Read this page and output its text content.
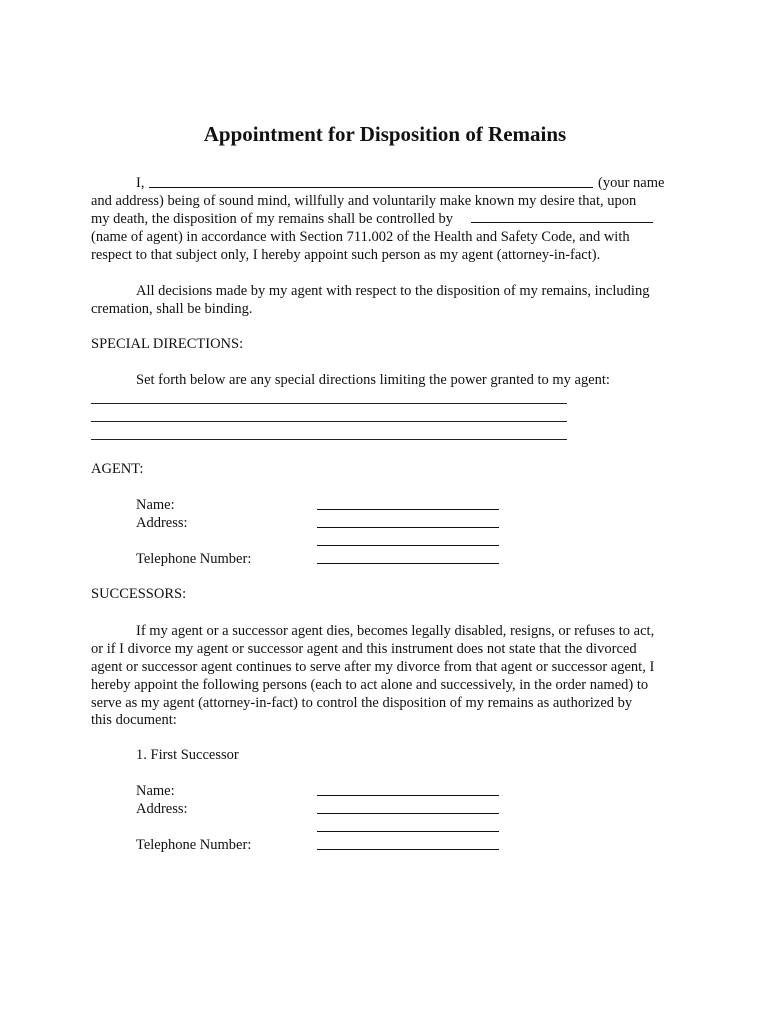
Appointment for Disposition of Remains

I,	(your name

and address) being of sound mind, willfully and voluntarily make known my desire that, upon

my death, the disposition of my remains shall be controlled by

(name of agent) in accordance with Section 711.002 of the Health and Safety Code, and with

respect to that subject only, I hereby appoint such person as my agent (attorney-in-fact).

All decisions made by my agent with respect to the disposition of my remains, including

cremation, shall be binding.

SPECIAL DIRECTIONS:

Set forth below are any special directions limiting the power granted to my agent:

AGENT:

Name:

Address:

Telephone Number:

SUCCESSORS:

If my agent or a successor agent dies, becomes legally disabled, resigns, or refuses to act,

or if I divorce my agent or successor agent and this instrument does not state that the divorced

agent or successor agent continues to serve after my divorce from that agent or successor agent, I

hereby appoint the following persons (each to act alone and successively, in the order named) to

serve as my agent (attorney-in-fact) to control the disposition of my remains as authorized by

this document:

1. First Successor

Name:

Address:

Telephone Number:
